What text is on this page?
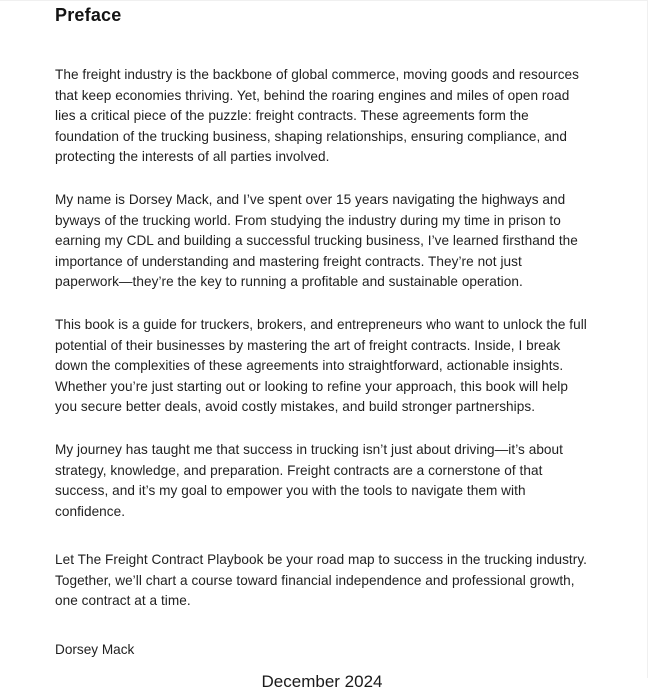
Preface

The freight industry is the backbone of global commerce, moving goods and resources that keep economies thriving. Yet, behind the roaring engines and miles of open road lies a critical piece of the puzzle: freight contracts. These agreements form the foundation of the trucking business, shaping relationships, ensuring compliance, and protecting the interests of all parties involved.

My name is Dorsey Mack, and I’ve spent over 15 years navigating the highways and byways of the trucking world. From studying the industry during my time in prison to earning my CDL and building a successful trucking business, I’ve learned firsthand the importance of understanding and mastering freight contracts. They’re not just paperwork—they’re the key to running a profitable and sustainable operation.

This book is a guide for truckers, brokers, and entrepreneurs who want to unlock the full potential of their businesses by mastering the art of freight contracts. Inside, I break down the complexities of these agreements into straightforward, actionable insights. Whether you’re just starting out or looking to refine your approach, this book will help you secure better deals, avoid costly mistakes, and build stronger partnerships.

My journey has taught me that success in trucking isn’t just about driving—it’s about strategy, knowledge, and preparation. Freight contracts are a cornerstone of that success, and it’s my goal to empower you with the tools to navigate them with confidence.

Let The Freight Contract Playbook be your road map to success in the trucking industry. Together, we’ll chart a course toward financial independence and professional growth, one contract at a time.

Dorsey Mack

December 2024
